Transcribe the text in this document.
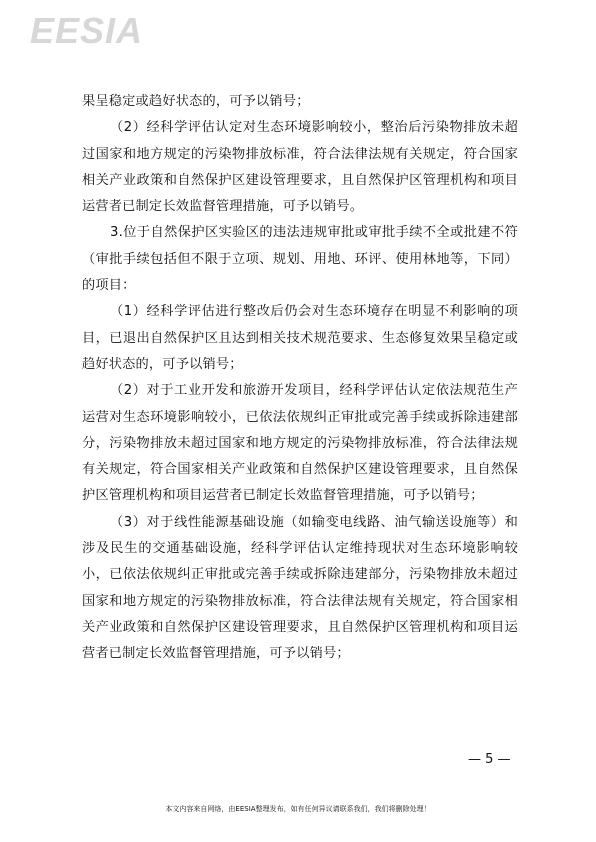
EESIA

果呈稳定或趋好状态的，可予以销号；

（2）经科学评估认定对生态环境影响较小，整治后污染物排放未超过国家和地方规定的污染物排放标准，符合法律法规有关规定，符合国家相关产业政策和自然保护区建设管理要求，且自然保护区管理机构和项目运营者已制定长效监督管理措施，可予以销号。

3.位于自然保护区实验区的违法违规审批或审批手续不全或批建不符（审批手续包括但不限于立项、规划、用地、环评、使用林地等，下同）的项目：

（1）经科学评估进行整改后仍会对生态环境存在明显不利影响的项目，已退出自然保护区且达到相关技术规范要求、生态修复效果呈稳定或趋好状态的，可予以销号；

（2）对于工业开发和旅游开发项目，经科学评估认定依法规范生产运营对生态环境影响较小，已依法依规纠正审批或完善手续或拆除违建部分，污染物排放未超过国家和地方规定的污染物排放标准，符合法律法规有关规定，符合国家相关产业政策和自然保护区建设管理要求，且自然保护区管理机构和项目运营者已制定长效监督管理措施，可予以销号；

（3）对于线性能源基础设施（如输变电线路、油气输送设施等）和涉及民生的交通基础设施，经科学评估认定维持现状对生态环境影响较小，已依法依规纠正审批或完善手续或拆除违建部分，污染物排放未超过国家和地方规定的污染物排放标准，符合法律法规有关规定，符合国家相关产业政策和自然保护区建设管理要求，且自然保护区管理机构和项目运营者已制定长效监督管理措施，可予以销号；

— 5 —
本文内容来自网络，由EESIA整理发布，如有任何异议请联系我们，我们将删除处理！
